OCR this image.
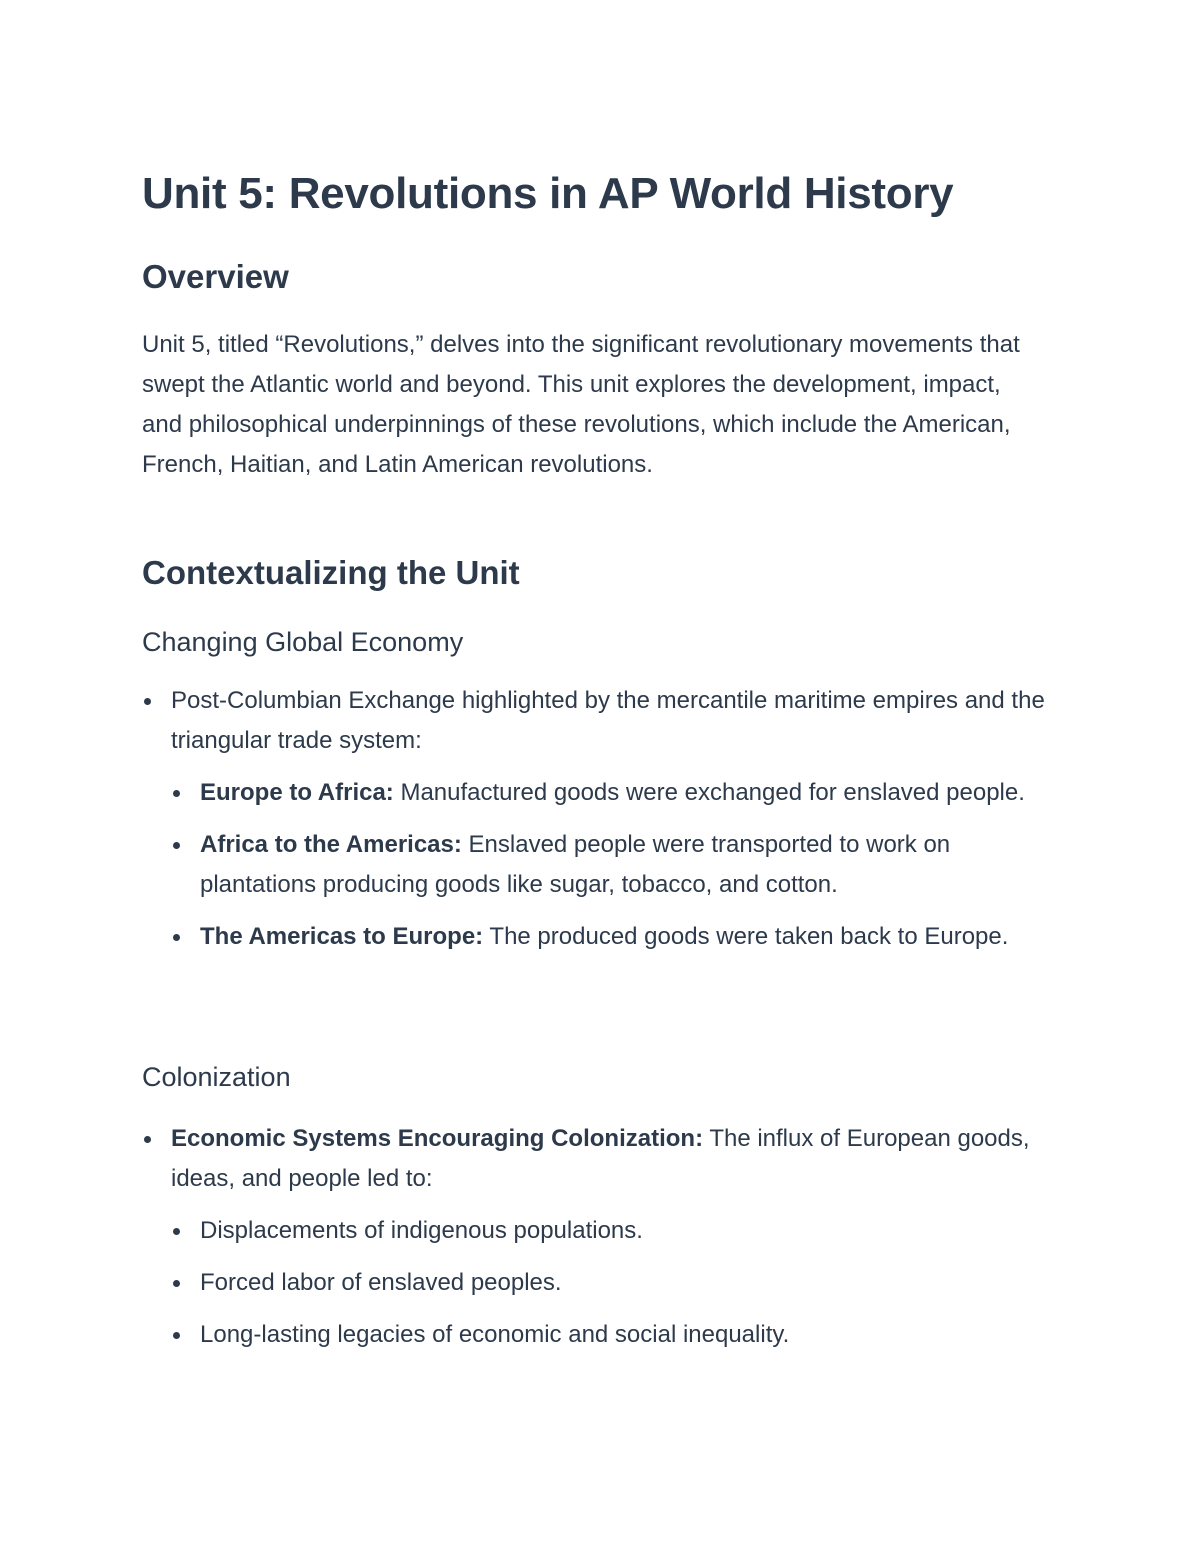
Unit 5: Revolutions in AP World History
Overview

Unit 5, titled “Revolutions,” delves into the significant revolutionary movements that swept the Atlantic world and beyond. This unit explores the development, impact, and philosophical underpinnings of these revolutions, which include the American, French, Haitian, and Latin American revolutions.

Contextualizing the Unit
Changing Global Economy
Post-Columbian Exchange highlighted by the mercantile maritime empires and the triangular trade system:
Europe to Africa: Manufactured goods were exchanged for enslaved people.
Africa to the Americas: Enslaved people were transported to work on plantations producing goods like sugar, tobacco, and cotton.
The Americas to Europe: The produced goods were taken back to Europe.
Colonization
Economic Systems Encouraging Colonization: The influx of European goods, ideas, and people led to:
Displacements of indigenous populations.
Forced labor of enslaved peoples.
Long-lasting legacies of economic and social inequality.
